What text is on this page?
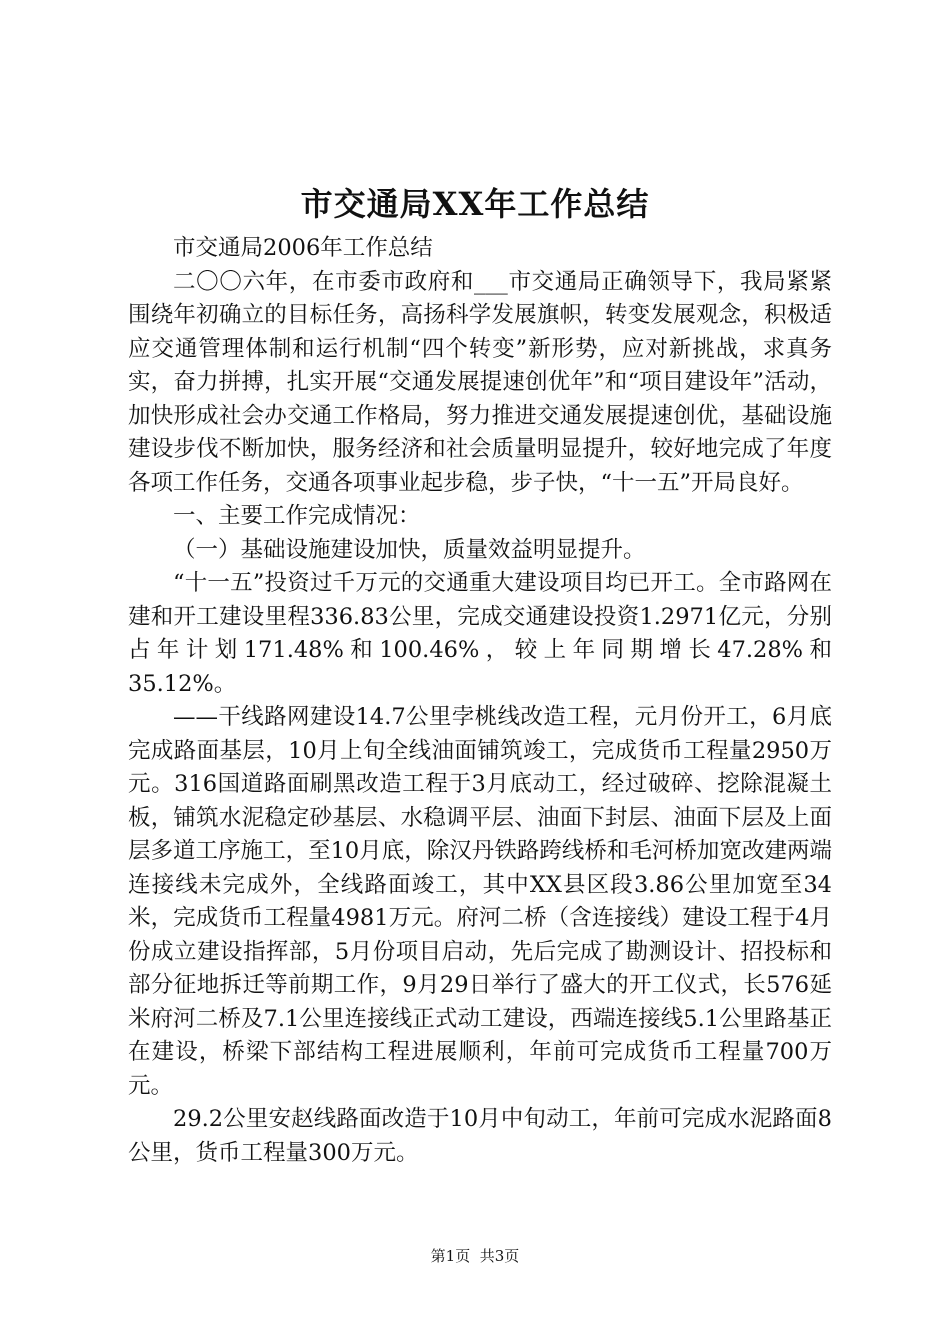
市交通局XX年工作总结

市交通局2006年工作总结

二〇〇六年，在市委市政府和___市交通局正确领导下，我局紧紧围绕年初确立的目标任务，高扬科学发展旗帜，转变发展观念，积极适应交通管理体制和运行机制“四个转变”新形势，应对新挑战，求真务实，奋力拼搏，扎实开展“交通发展提速创优年”和“项目建设年”活动，加快形成社会办交通工作格局，努力推进交通发展提速创优，基础设施建设步伐不断加快，服务经济和社会质量明显提升，较好地完成了年度各项工作任务，交通各项事业起步稳，步子快，“十一五”开局良好。

一、主要工作完成情况：

（一）基础设施建设加快，质量效益明显提升。

“十一五”投资过千万元的交通重大建设项目均已开工。全市路网在建和开工建设里程336.83公里，完成交通建设投资1.2971亿元，分别占年计划171.48%和100.46%，较上年同期增长47.28%和35.12%。

——干线路网建设14.7公里孛桃线改造工程，元月份开工，6月底完成路面基层，10月上旬全线油面铺筑竣工，完成货币工程量2950万元。316国道路面刷黑改造工程于3月底动工，经过破碎、挖除混凝土板，铺筑水泥稳定砂基层、水稳调平层、油面下封层、油面下层及上面层多道工序施工，至10月底，除汉丹铁路跨线桥和毛河桥加宽改建两端连接线未完成外，全线路面竣工，其中XX县区段3.86公里加宽至34米，完成货币工程量4981万元。府河二桥（含连接线）建设工程于4月份成立建设指挥部，5月份项目启动，先后完成了勘测设计、招投标和部分征地拆迁等前期工作，9月29日举行了盛大的开工仪式，长576延米府河二桥及7.1公里连接线正式动工建设，西端连接线5.1公里路基正在建设，桥梁下部结构工程进展顺利，年前可完成货币工程量700万元。

29.2公里安赵线路面改造于10月中旬动工，年前可完成水泥路面8公里，货币工程量300万元。

第1页 共3页
